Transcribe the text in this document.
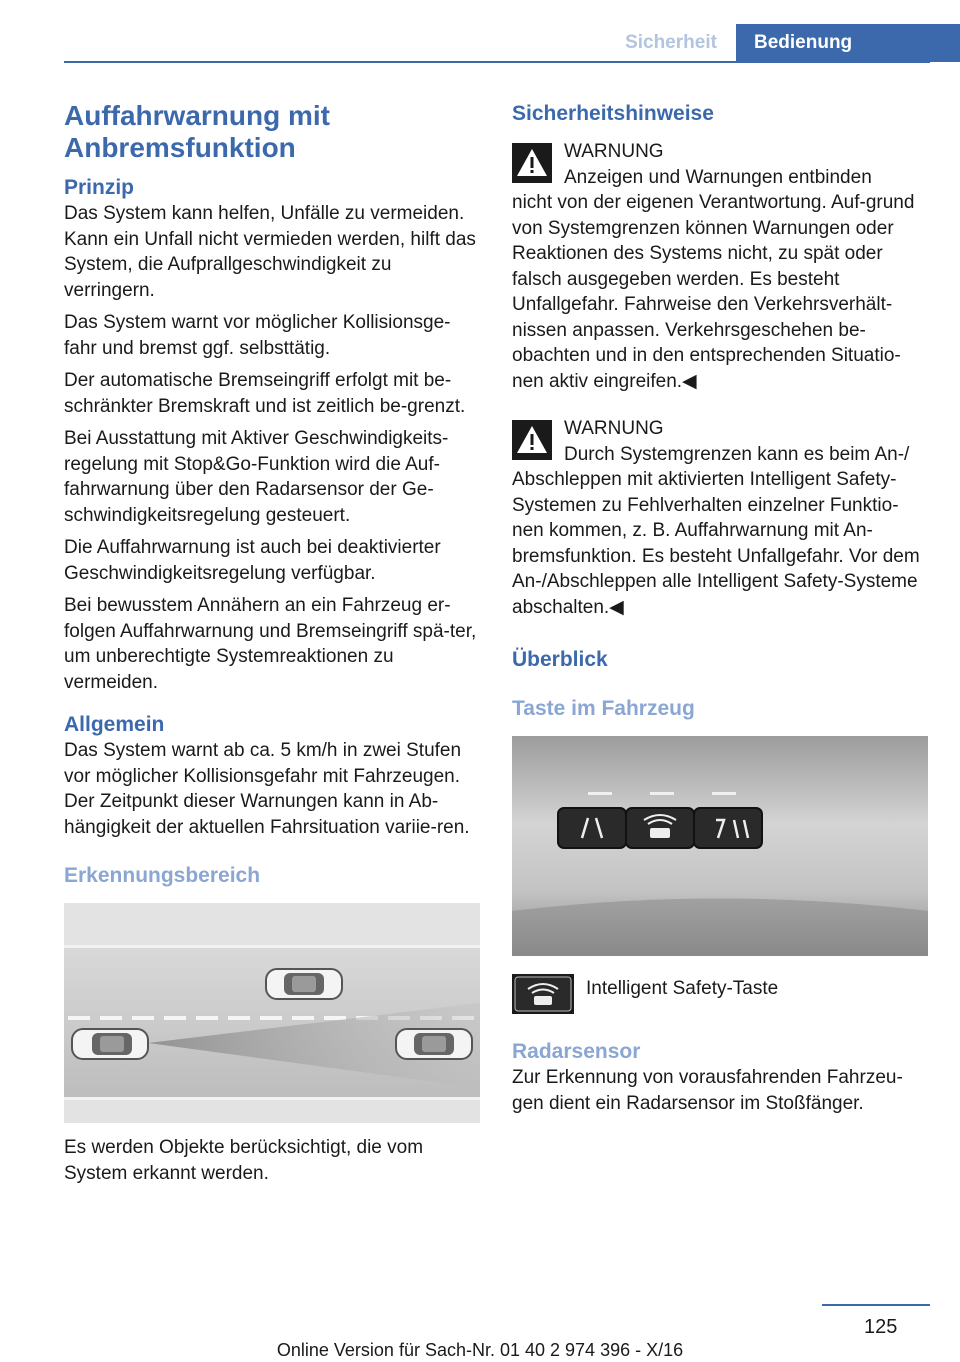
Sicherheit	Bedienung
Auffahrwarnung mit Anbremsfunktion
Prinzip

Das System kann helfen, Unfälle zu vermeiden. Kann ein Unfall nicht vermieden werden, hilft das System, die Aufprallgeschwindigkeit zu verringern.

Das System warnt vor möglicher Kollisionsge‐fahr und bremst ggf. selbsttätig.

Der automatische Bremseingriff erfolgt mit be‐schränkter Bremskraft und ist zeitlich be‐grenzt.

Bei Ausstattung mit Aktiver Geschwindigkeits‐regelung mit Stop&Go-Funktion wird die Auf‐fahrwarnung über den Radarsensor der Ge‐schwindigkeitsregelung gesteuert.

Die Auffahrwarnung ist auch bei deaktivierter Geschwindigkeitsregelung verfügbar.

Bei bewusstem Annähern an ein Fahrzeug er‐folgen Auffahrwarnung und Bremseingriff spä‐ter, um unberechtigte Systemreaktionen zu vermeiden.

Allgemein

Das System warnt ab ca. 5 km/h in zwei Stufen vor möglicher Kollisionsgefahr mit Fahrzeugen. Der Zeitpunkt dieser Warnungen kann in Ab‐hängigkeit der aktuellen Fahrsituation variie‐ren.

Erkennungsbereich

Es werden Objekte berücksichtigt, die vom System erkannt werden.

Sicherheitshinweise

WARNUNG

Anzeigen und Warnungen entbinden

nicht von der eigenen Verantwortung. Auf‐grund von Systemgrenzen können Warnungen oder Reaktionen des Systems nicht, zu spät oder falsch ausgegeben werden. Es besteht Unfallgefahr. Fahrweise den Verkehrsverhält‐nissen anpassen. Verkehrsgeschehen be‐obachten und in den entsprechenden Situatio‐nen aktiv eingreifen.◀

WARNUNG

Durch Systemgrenzen kann es beim An-/

Abschleppen mit aktivierten Intelligent Safety-Systemen zu Fehlverhalten einzelner Funktio‐nen kommen, z. B. Auffahrwarnung mit An‐bremsfunktion. Es besteht Unfallgefahr. Vor dem An-/Abschleppen alle Intelligent Safety-Systeme abschalten.◀

Überblick
Taste im Fahrzeug
Intelligent Safety-Taste
Radarsensor

Zur Erkennung von vorausfahrenden Fahrzeu‐gen dient ein Radarsensor im Stoßfänger.

125
Online Version für Sach-Nr. 01 40 2 974 396 - X/16
